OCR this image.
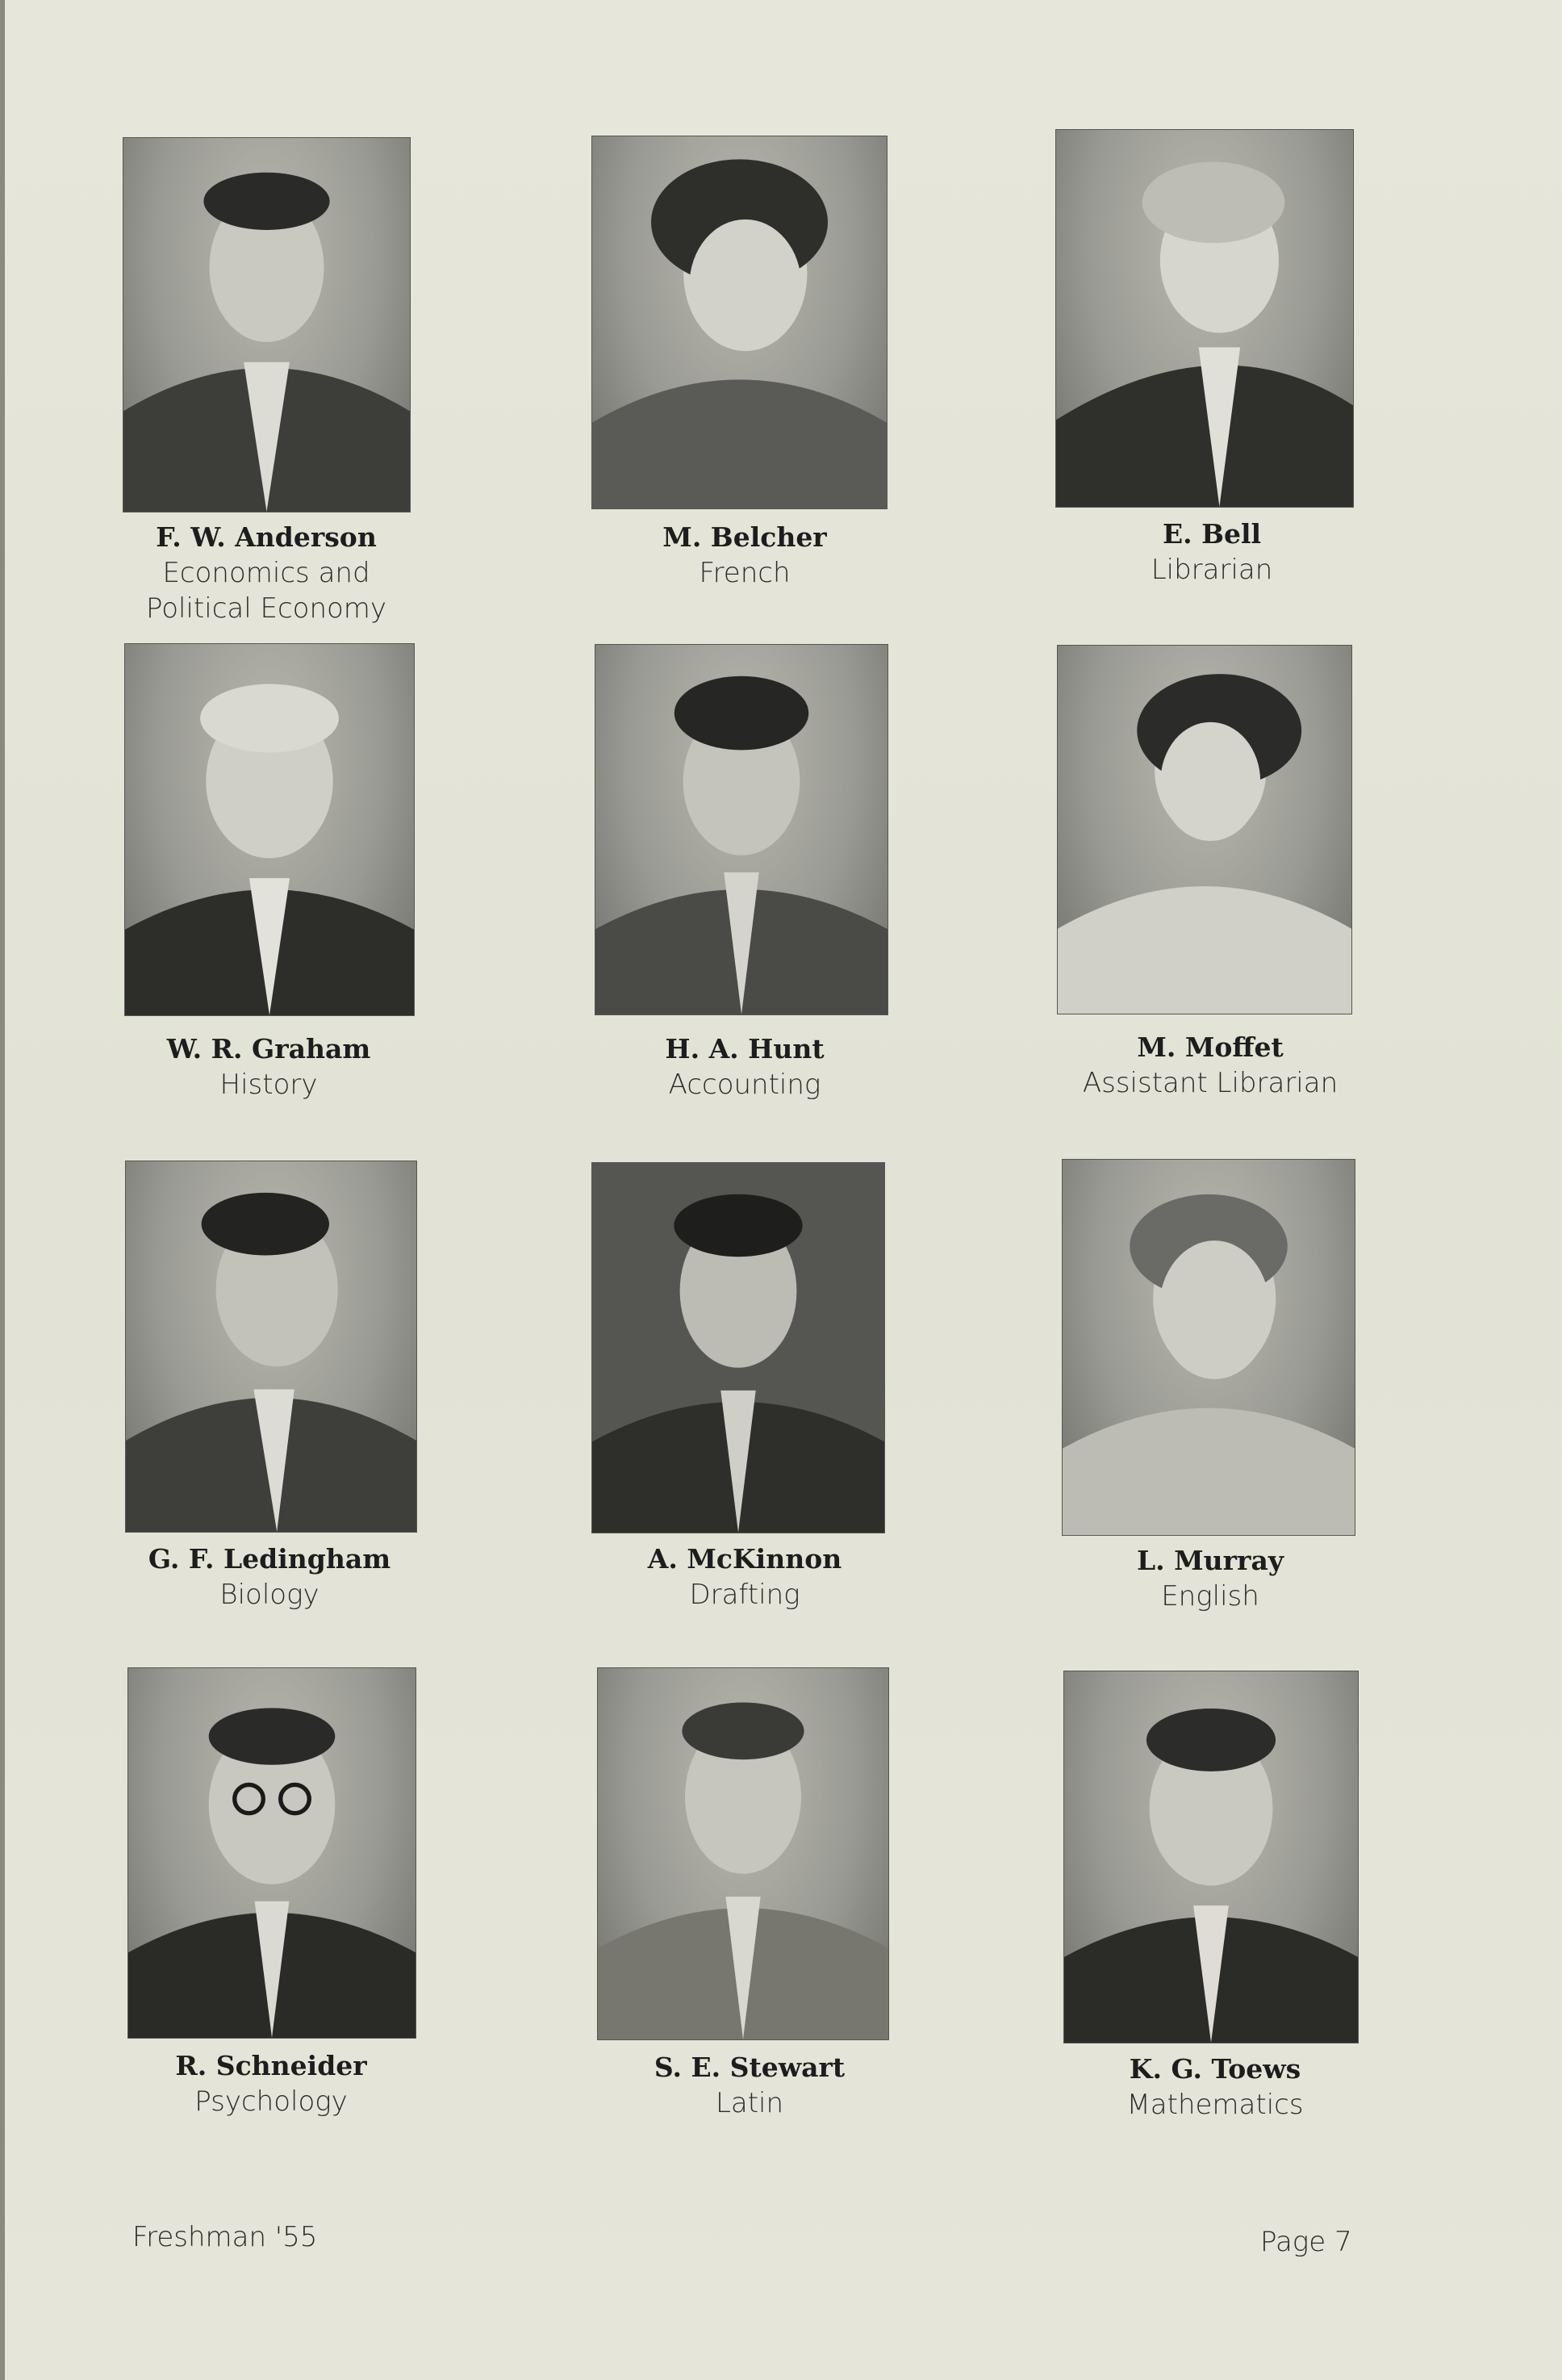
F. W. Anderson
Economics and
Political Economy
M. Belcher
French
E. Bell
Librarian
W. R. Graham
History
H. A. Hunt
Accounting
M. Moffet
Assistant Librarian
G. F. Ledingham
Biology
A. McKinnon
Drafting
L. Murray
English
R. Schneider
Psychology
S. E. Stewart
Latin
K. G. Toews
Mathematics
Freshman '55	Page 7
